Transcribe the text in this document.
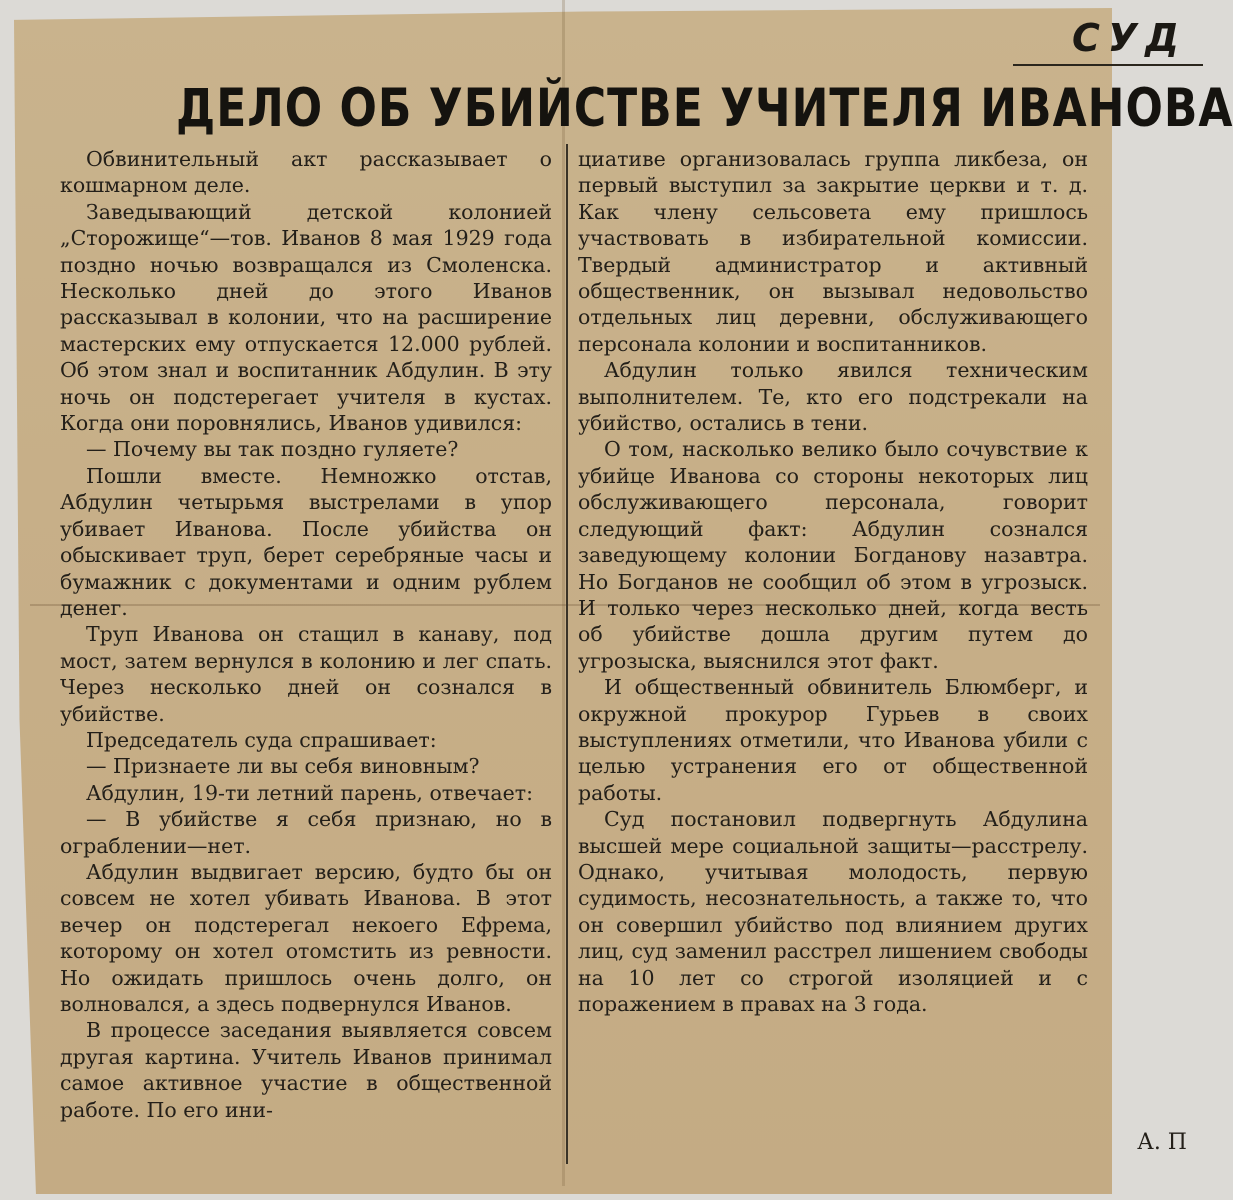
СУД
ДЕЛО ОБ УБИЙСТВЕ УЧИТЕЛЯ ИВАНОВА

Обвинительный акт рассказывает о кошмарном деле.

Заведывающий детской колонией „Сторожище“—тов. Иванов 8 мая 1929 года поздно ночью возвращался из Смоленска. Несколько дней до этого Иванов рассказывал в колонии, что на расширение мастерских ему отпускается 12.000 рублей. Об этом знал и воспитанник Абдулин. В эту ночь он подстерегает учителя в кустах. Когда они поровнялись, Иванов удивился:

— Почему вы так поздно гуляете?

Пошли вместе. Немножко отстав, Абдулин четырьмя выстрелами в упор убивает Иванова. После убийства он обыскивает труп, берет серебряные часы и бумажник с документами и одним рублем денег.

Труп Иванова он стащил в канаву, под мост, затем вернулся в колонию и лег спать. Через несколько дней он сознался в убийстве.

Председатель суда спрашивает:

— Признаете ли вы себя виновным?

Абдулин, 19-ти летний парень, отвечает:

— В убийстве я себя признаю, но в ограблении—нет.

Абдулин выдвигает версию, будто бы он совсем не хотел убивать Иванова. В этот вечер он подстерегал некоего Ефрема, которому он хотел отомстить из ревности. Но ожидать пришлось очень долго, он волновался, а здесь подвернулся Иванов.

В процессе заседания выявляется совсем другая картина. Учитель Иванов принимал самое активное участие в общественной работе. По его ини-

циативе организовалась группа ликбеза, он первый выступил за закрытие церкви и т. д. Как члену сельсовета ему пришлось участвовать в избирательной комиссии. Твердый администратор и активный общественник, он вызывал недовольство отдельных лиц деревни, обслуживающего персонала колонии и воспитанников.

Абдулин только явился техническим выполнителем. Те, кто его подстрекали на убийство, остались в тени.

О том, насколько велико было сочувствие к убийце Иванова со стороны некоторых лиц обслуживающего персонала, говорит следующий факт: Абдулин сознался заведующему колонии Богданову назавтра. Но Богданов не сообщил об этом в угрозыск. И только через несколько дней, когда весть об убийстве дошла другим путем до угрозыска, выяснился этот факт.

И общественный обвинитель Блюмберг, и окружной прокурор Гурьев в своих выступлениях отметили, что Иванова убили с целью устранения его от общественной работы.

Суд постановил подвергнуть Абдулина высшей мере социальной защиты—расстрелу. Однако, учитывая молодость, первую судимость, несознательность, а также то, что он совершил убийство под влиянием других лиц, суд заменил расстрел лишением свободы на 10 лет со строгой изоляцией и с поражением в правах на 3 года.

А. П
